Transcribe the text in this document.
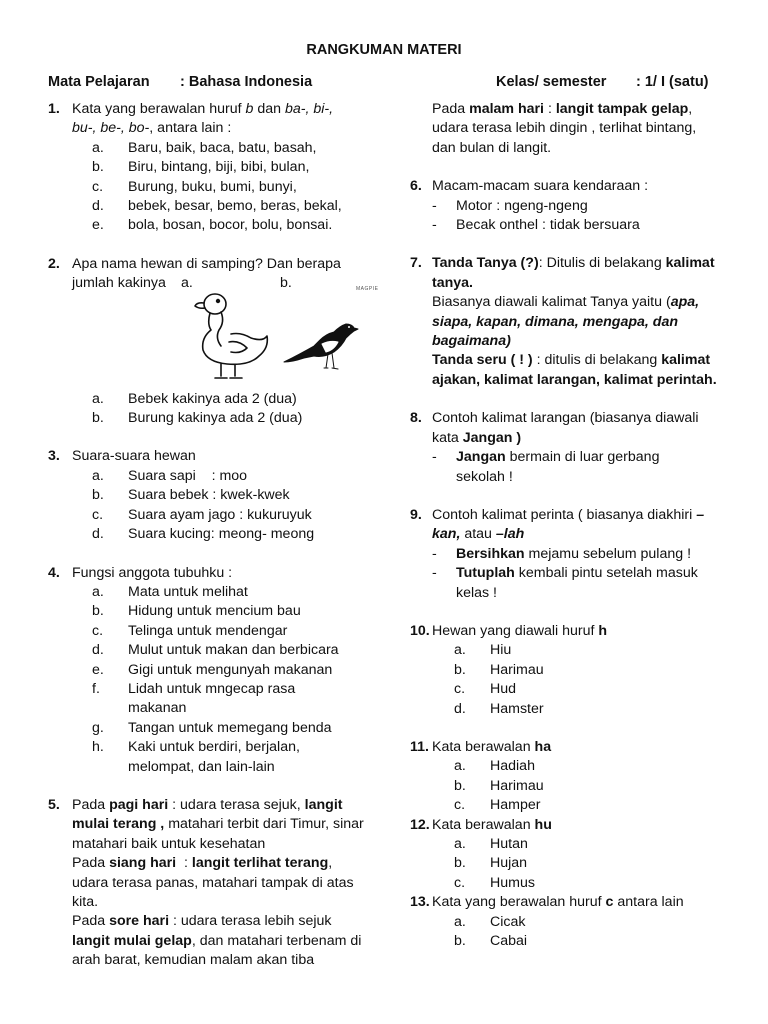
RANGKUMAN MATERI
Mata Pelajaran : Bahasa Indonesia	Kelas/ semester : 1/ I (satu)
1. Kata yang berawalan huruf b dan ba-, bi-,
bu-, be-, bo-, antara lain :
a. Baru, baik, baca, batu, basah,
b. Biru, bintang, biji, bibi, bulan,
c. Burung, buku, bumi, bunyi,
d. bebek, besar, bemo, beras, bekal,
e. bola, bosan, bocor, bolu, bonsai.
2. Apa nama hewan di samping? Dan berapa
jumlah kakinya a.	b.	MAGPIE
a. Bebek kakinya ada 2 (dua)
b. Burung kakinya ada 2 (dua)
3. Suara-suara hewan
a. Suara sapi    : moo
b. Suara bebek : kwek-kwek
c. Suara ayam jago : kukuruyuk
d. Suara kucing: meong- meong
4. Fungsi anggota tubuhku :
a. Mata untuk melihat
b. Hidung untuk mencium bau
c. Telinga untuk mendengar
d. Mulut untuk makan dan berbicara
e. Gigi untuk mengunyah makanan
f. Lidah untuk mngecap rasa makanan
g. Tangan untuk memegang benda
h. Kaki untuk berdiri, berjalan, melompat, dan lain-lain
5. Pada pagi hari : udara terasa sejuk, langit mulai terang , matahari terbit dari Timur, sinar matahari baik untuk kesehatan
Pada siang hari  : langit terlihat terang, udara terasa panas, matahari tampak di atas kita.
Pada sore hari : udara terasa lebih sejuk langit mulai gelap, dan matahari terbenam di arah barat, kemudian malam akan tiba
Pada malam hari : langit tampak gelap, udara terasa lebih dingin , terlihat bintang, dan bulan di langit.
6. Macam-macam suara kendaraan :
- Motor : ngeng-ngeng
- Becak onthel : tidak bersuara
7. Tanda Tanya (?): Ditulis di belakang kalimat tanya.
Biasanya diawali kalimat Tanya yaitu (apa, siapa, kapan, dimana, mengapa, dan bagaimana)
Tanda seru ( ! ) : ditulis di belakang kalimat ajakan, kalimat larangan, kalimat perintah.
8. Contoh kalimat larangan (biasanya diawali kata Jangan )
- Jangan bermain di luar gerbang sekolah !
9. Contoh kalimat perinta ( biasanya diakhiri –kan, atau –lah
- Bersihkan mejamu sebelum pulang !
- Tutuplah kembali pintu setelah masuk kelas !
10. Hewan yang diawali huruf h
a. Hiu
b. Harimau
c. Hud
d. Hamster
11. Kata berawalan ha
a. Hadiah
b. Harimau
c. Hamper
12. Kata berawalan hu
a. Hutan
b. Hujan
c. Humus
13. Kata yang berawalan huruf c antara lain
a. Cicak
b. Cabai
